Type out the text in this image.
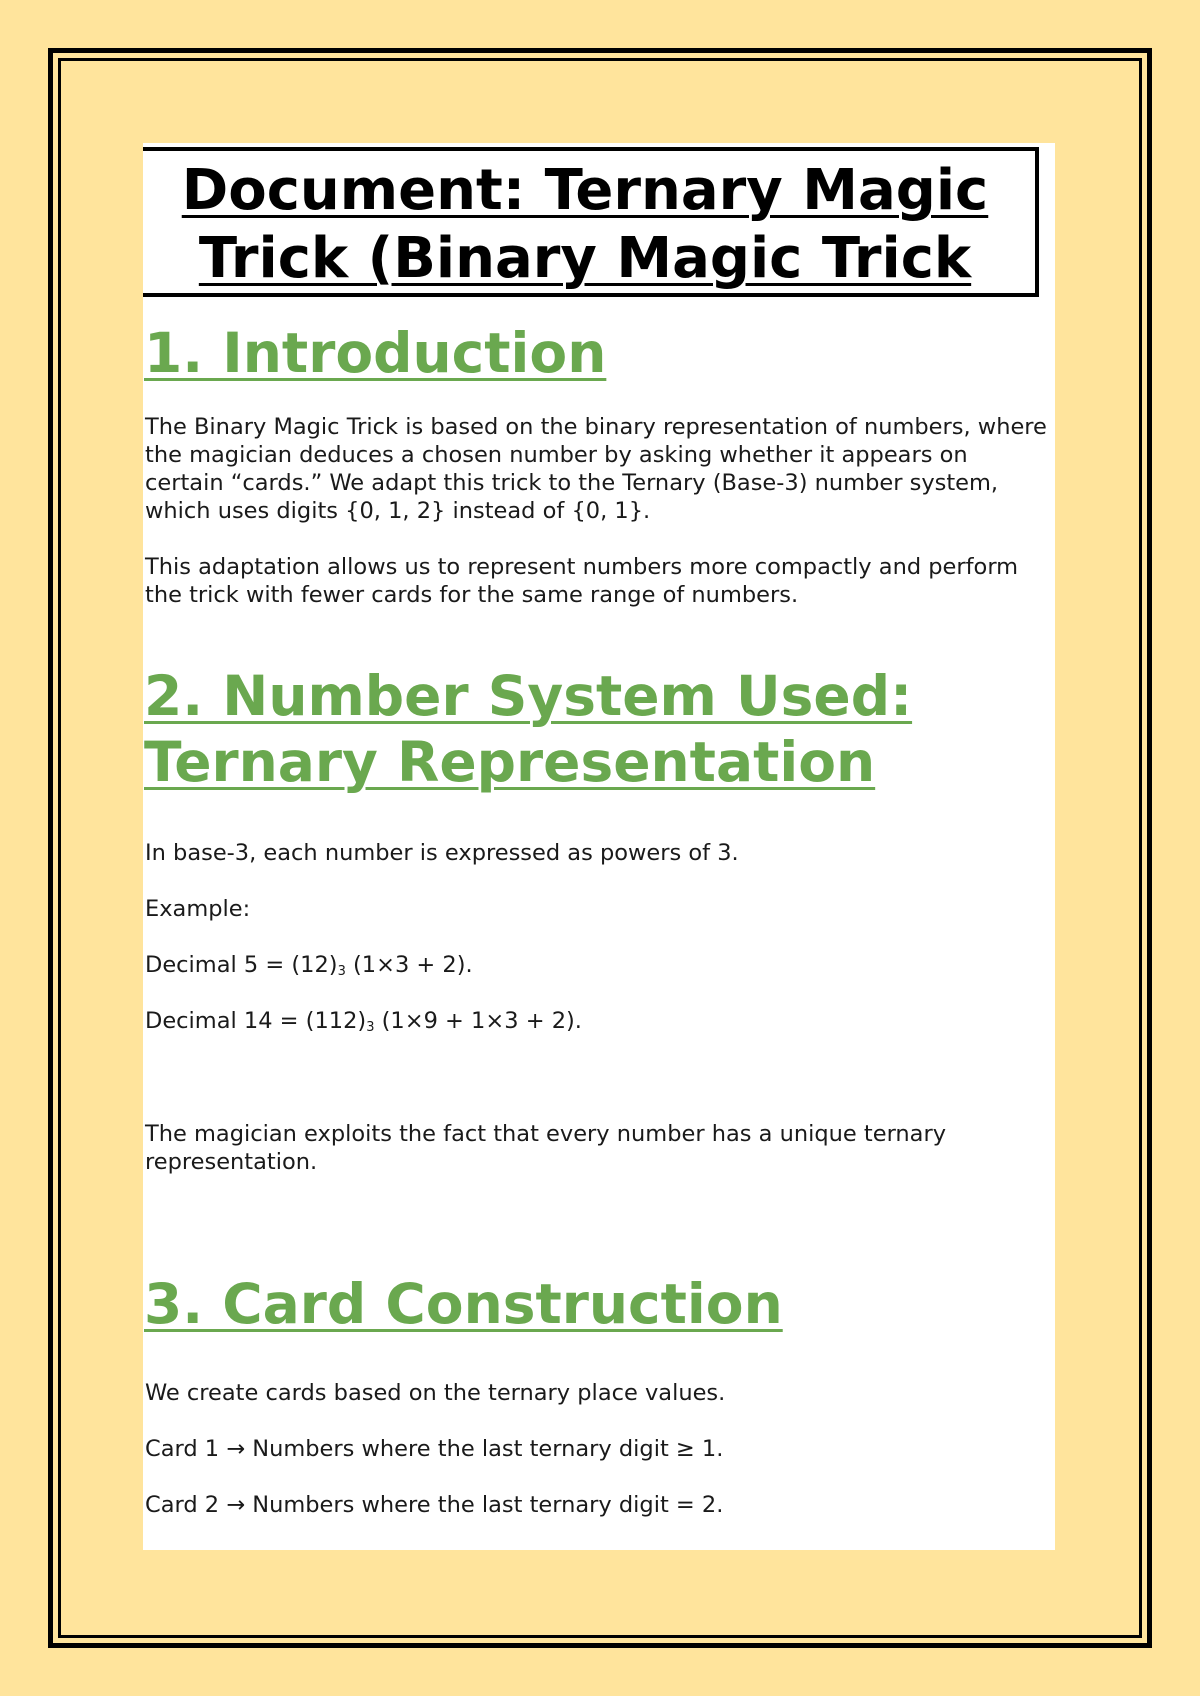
Document: Ternary Magic Trick (Binary Magic Trick
1. Introduction

The Binary Magic Trick is based on the binary representation of numbers, where the magician deduces a chosen number by asking whether it appears on certain “cards.” We adapt this trick to the Ternary (Base-3) number system, which uses digits {0, 1, 2} instead of {0, 1}.

This adaptation allows us to represent numbers more compactly and perform the trick with fewer cards for the same range of numbers.

2. Number System Used: Ternary Representation

In base-3, each number is expressed as powers of 3.

Example:

Decimal $5 = (12)_3$ (1×3 + 2).

Decimal $14 = (112)_3$ (1×9 + 1×3 + 2).

The magician exploits the fact that every number has a unique ternary representation.

3. Card Construction

We create cards based on the ternary place values.

Card 1 → Numbers where the last ternary digit ≥ 1.

Card 2 → Numbers where the last ternary digit = 2.
